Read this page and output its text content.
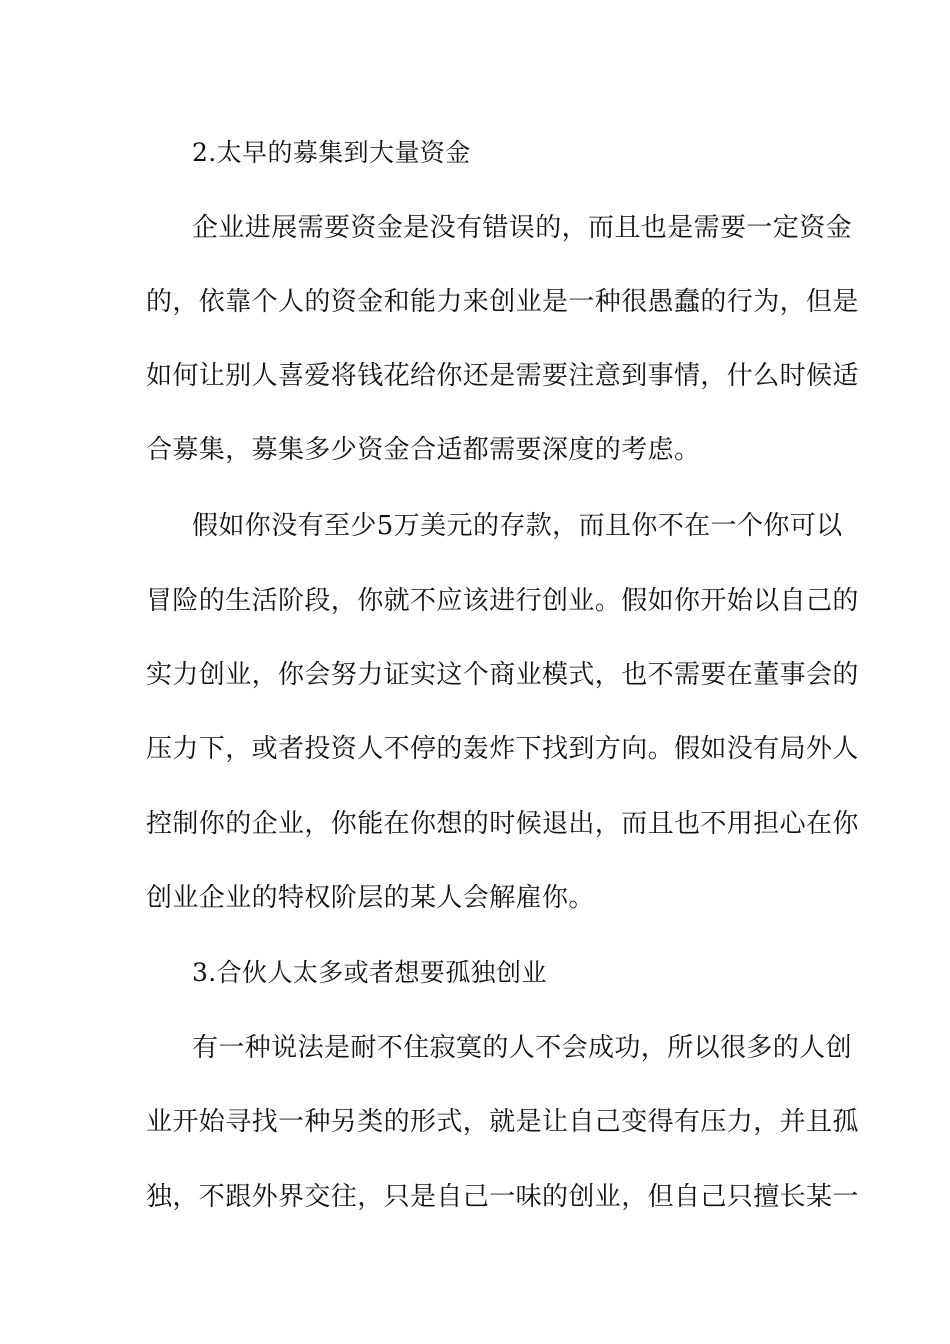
2.太早的募集到大量资金
企业进展需要资金是没有错误的，而且也是需要一定资金
的，依靠个人的资金和能力来创业是一种很愚蠢的行为，但是
如何让别人喜爱将钱花给你还是需要注意到事情，什么时候适
合募集，募集多少资金合适都需要深度的考虑。
假如你没有至少5万美元的存款，而且你不在一个你可以
冒险的生活阶段，你就不应该进行创业。假如你开始以自己的
实力创业，你会努力证实这个商业模式，也不需要在董事会的
压力下，或者投资人不停的轰炸下找到方向。假如没有局外人
控制你的企业，你能在你想的时候退出，而且也不用担心在你
创业企业的特权阶层的某人会解雇你。
3.合伙人太多或者想要孤独创业
有一种说法是耐不住寂寞的人不会成功，所以很多的人创
业开始寻找一种另类的形式，就是让自己变得有压力，并且孤
独，不跟外界交往，只是自己一味的创业，但自己只擅长某一
